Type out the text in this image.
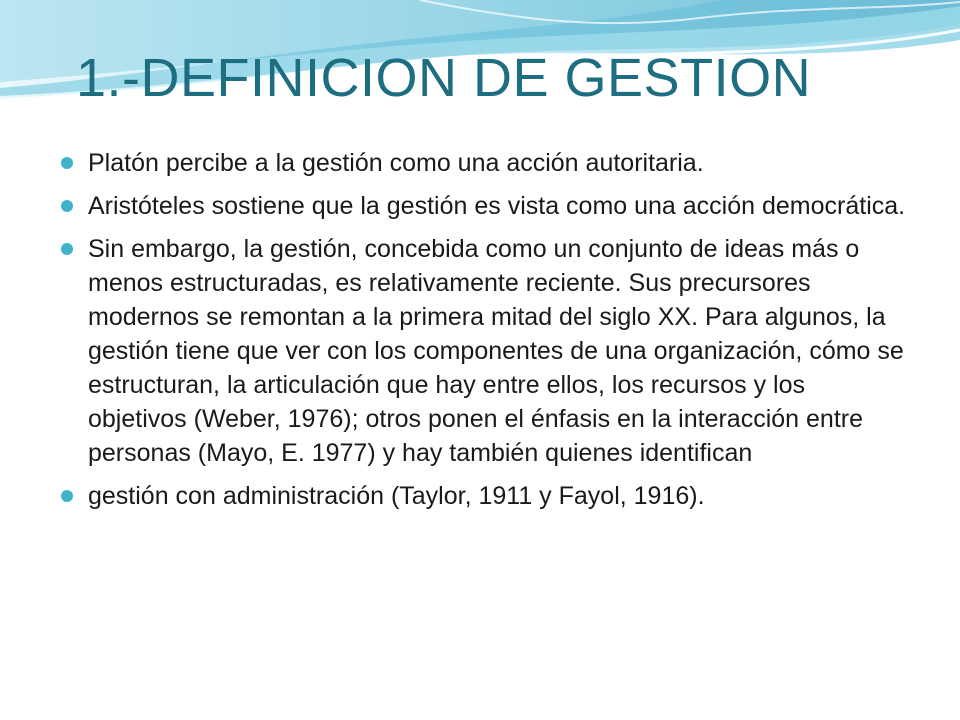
1.-DEFINICION DE GESTION
Platón percibe a la gestión como una acción autoritaria.
Aristóteles sostiene que la gestión es vista como una acción democrática.
Sin embargo, la gestión, concebida como un conjunto de ideas más o menos estructuradas, es relativamente reciente. Sus precursores modernos se remontan a la primera mitad del siglo XX. Para algunos, la gestión tiene que ver con los componentes de una organización, cómo se estructuran, la articulación que hay entre ellos, los recursos y los objetivos (Weber, 1976); otros ponen el énfasis en la interacción entre personas (Mayo, E. 1977) y hay también quienes identifican
gestión con administración (Taylor, 1911 y Fayol, 1916).
